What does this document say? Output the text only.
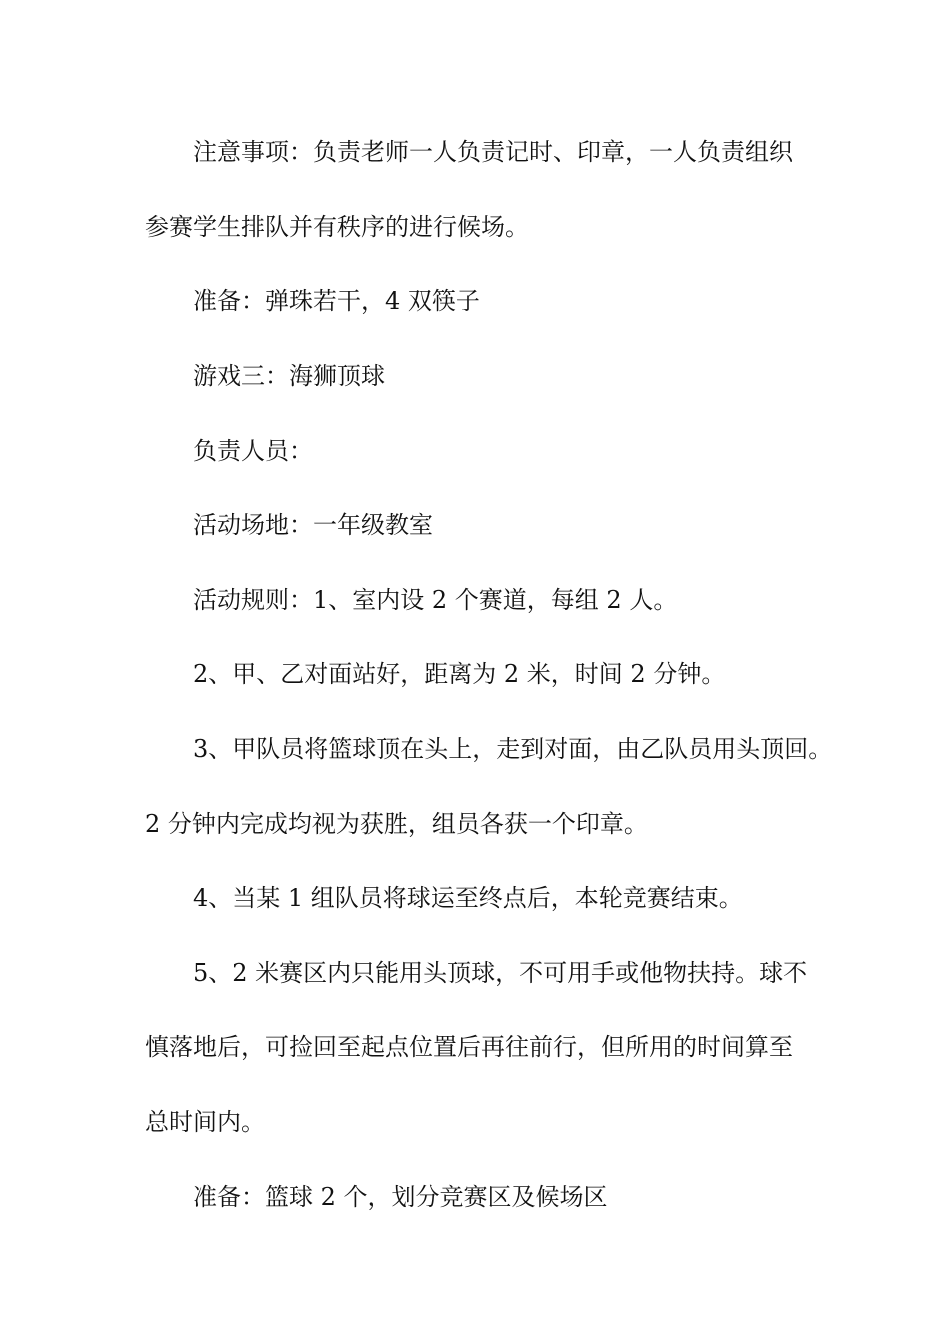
注意事项：负责老师一人负责记时、印章，一人负责组织
参赛学生排队并有秩序的进行候场。
准备：弹珠若干，4 双筷子
游戏三：海狮顶球
负责人员：
活动场地：一年级教室
活动规则：1、室内设 2 个赛道，每组 2 人。
2、甲、乙对面站好，距离为 2 米，时间 2 分钟。
3、甲队员将篮球顶在头上，走到对面，由乙队员用头顶回。
2 分钟内完成均视为获胜，组员各获一个印章。
4、当某 1 组队员将球运至终点后，本轮竞赛结束。
5、2 米赛区内只能用头顶球，不可用手或他物扶持。球不
慎落地后，可捡回至起点位置后再往前行，但所用的时间算至
总时间内。
准备：篮球 2 个，划分竞赛区及候场区
